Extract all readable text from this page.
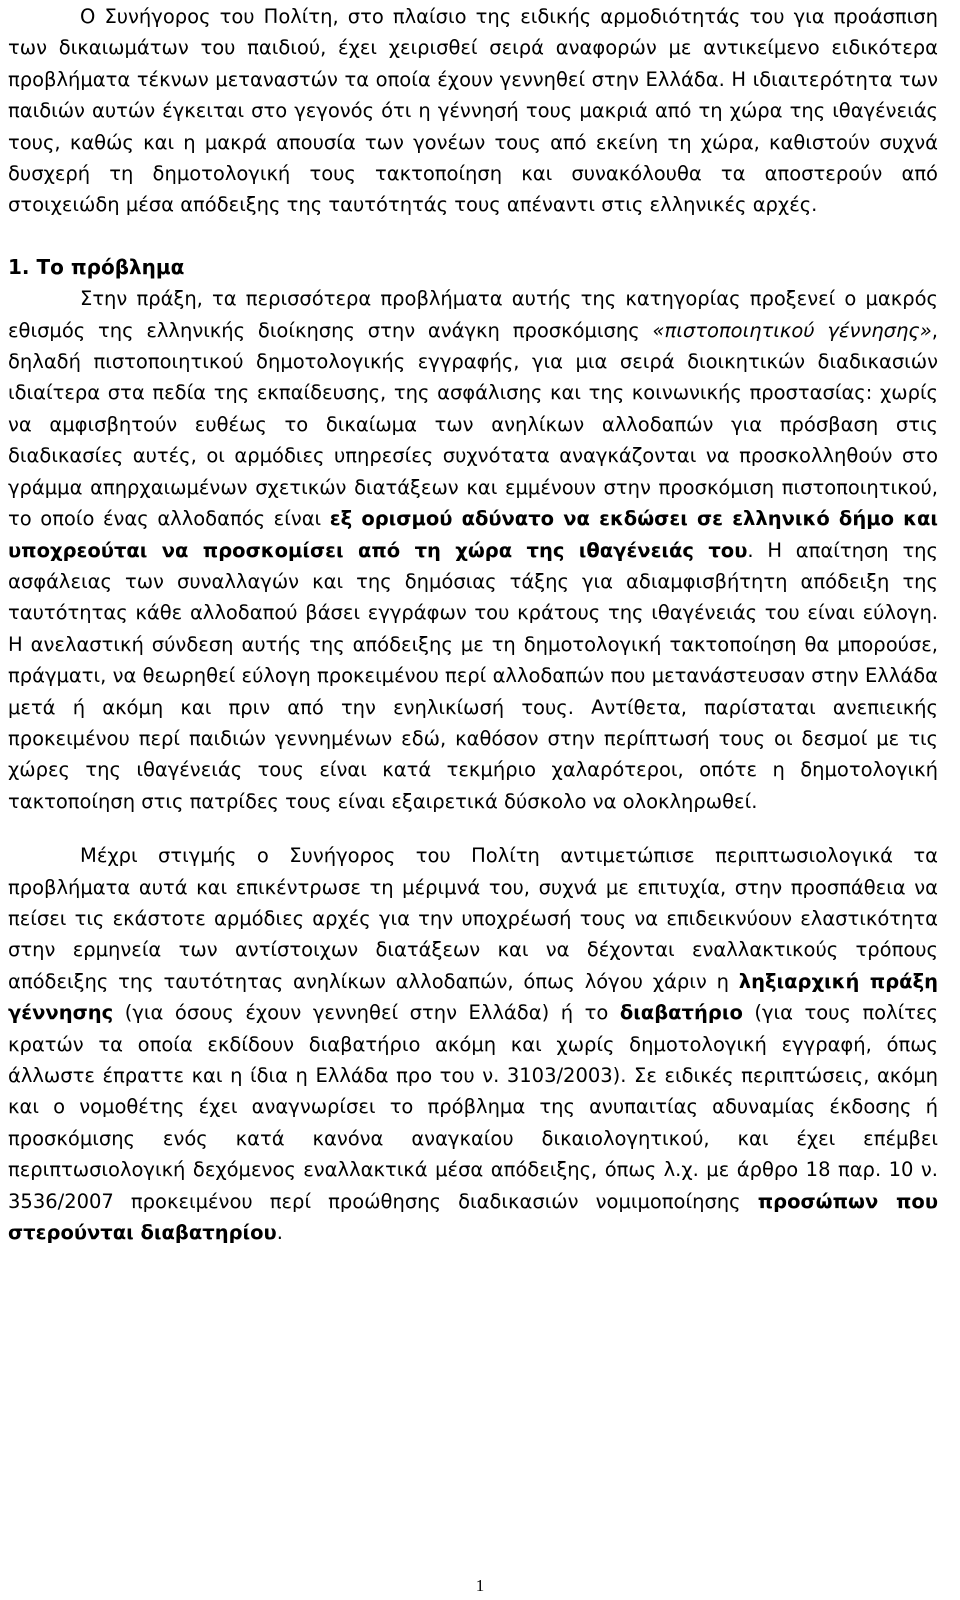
Ο Συνήγορος του Πολίτη, στο πλαίσιο της ειδικής αρμοδιότητάς του για προάσπιση των δικαιωμάτων του παιδιού, έχει χειρισθεί σειρά αναφορών με αντικείμενο ειδικότερα προβλήματα τέκνων μεταναστών τα οποία έχουν γεννηθεί στην Ελλάδα. Η ιδιαιτερότητα των παιδιών αυτών έγκειται στο γεγονός ότι η γέννησή τους μακριά από τη χώρα της ιθαγένειάς τους, καθώς και η μακρά απουσία των γονέων τους από εκείνη τη χώρα, καθιστούν συχνά δυσχερή τη δημοτολογική τους τακτοποίηση και συνακόλουθα τα αποστερούν από στοιχειώδη μέσα απόδειξης της ταυτότητάς τους απέναντι στις ελληνικές αρχές.

1. Το πρόβλημα

Στην πράξη, τα περισσότερα προβλήματα αυτής της κατηγορίας προξενεί ο μακρός εθισμός της ελληνικής διοίκησης στην ανάγκη προσκόμισης «πιστοποιητικού γέννησης», δηλαδή πιστοποιητικού δημοτολογικής εγγραφής, για μια σειρά διοικητικών διαδικασιών ιδιαίτερα στα πεδία της εκπαίδευσης, της ασφάλισης και της κοινωνικής προστασίας: χωρίς να αμφισβητούν ευθέως το δικαίωμα των ανηλίκων αλλοδαπών για πρόσβαση στις διαδικασίες αυτές, οι αρμόδιες υπηρεσίες συχνότατα αναγκάζονται να προσκολληθούν στο γράμμα απηρχαιωμένων σχετικών διατάξεων και εμμένουν στην προσκόμιση πιστοποιητικού, το οποίο ένας αλλοδαπός είναι εξ ορισμού αδύνατο να εκδώσει σε ελληνικό δήμο και υποχρεούται να προσκομίσει από τη χώρα της ιθαγένειάς του. Η απαίτηση της ασφάλειας των συναλλαγών και της δημόσιας τάξης για αδιαμφισβήτητη απόδειξη της ταυτότητας κάθε αλλοδαπού βάσει εγγράφων του κράτους της ιθαγένειάς του είναι εύλογη. Η ανελαστική σύνδεση αυτής της απόδειξης με τη δημοτολογική τακτοποίηση θα μπορούσε, πράγματι, να θεωρηθεί εύλογη προκειμένου περί αλλοδαπών που μετανάστευσαν στην Ελλάδα μετά ή ακόμη και πριν από την ενηλικίωσή τους. Αντίθετα, παρίσταται ανεπιεικής προκειμένου περί παιδιών γεννημένων εδώ, καθόσον στην περίπτωσή τους οι δεσμοί με τις χώρες της ιθαγένειάς τους είναι κατά τεκμήριο χαλαρότεροι, οπότε η δημοτολογική τακτοποίηση στις πατρίδες τους είναι εξαιρετικά δύσκολο να ολοκληρωθεί.

Μέχρι στιγμής ο Συνήγορος του Πολίτη αντιμετώπισε περιπτωσιολογικά τα προβλήματα αυτά και επικέντρωσε τη μέριμνά του, συχνά με επιτυχία, στην προσπάθεια να πείσει τις εκάστοτε αρμόδιες αρχές για την υποχρέωσή τους να επιδεικνύουν ελαστικότητα στην ερμηνεία των αντίστοιχων διατάξεων και να δέχονται εναλλακτικούς τρόπους απόδειξης της ταυτότητας ανηλίκων αλλοδαπών, όπως λόγου χάριν η ληξιαρχική πράξη γέννησης (για όσους έχουν γεννηθεί στην Ελλάδα) ή το διαβατήριο (για τους πολίτες κρατών τα οποία εκδίδουν διαβατήριο ακόμη και χωρίς δημοτολογική εγγραφή, όπως άλλωστε έπραττε και η ίδια η Ελλάδα προ του ν. 3103/2003). Σε ειδικές περιπτώσεις, ακόμη και ο νομοθέτης έχει αναγνωρίσει το πρόβλημα της ανυπαιτίας αδυναμίας έκδοσης ή προσκόμισης ενός κατά κανόνα αναγκαίου δικαιολογητικού, και έχει επέμβει περιπτωσιολογική δεχόμενος εναλλακτικά μέσα απόδειξης, όπως λ.χ. με άρθρο 18 παρ. 10 ν. 3536/2007 προκειμένου περί προώθησης διαδικασιών νομιμοποίησης προσώπων που στερούνται διαβατηρίου.

1
